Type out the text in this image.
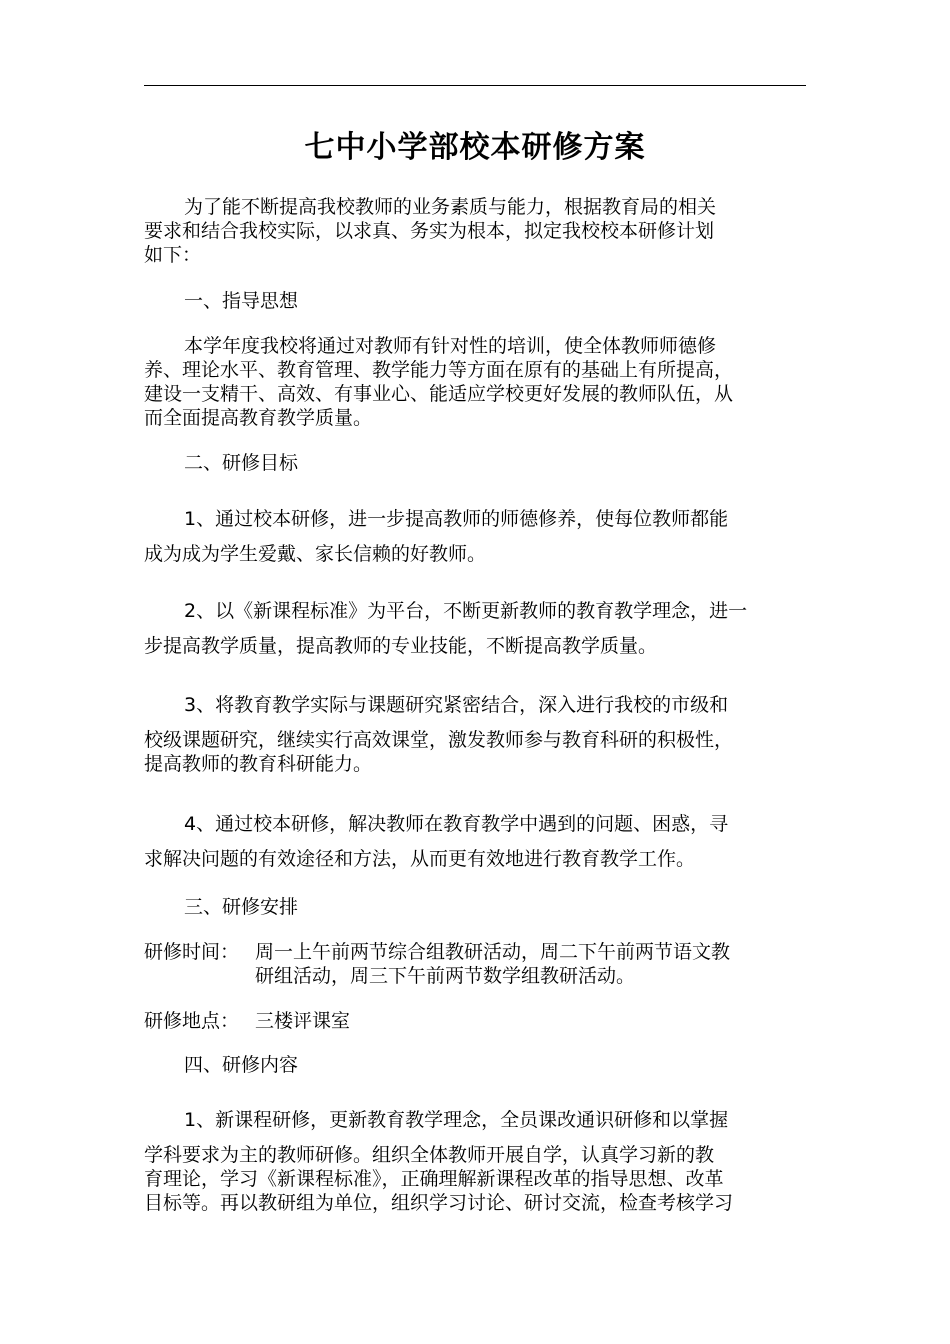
七中小学部校本研修方案
为了能不断提高我校教师的业务素质与能力，根据教育局的相关
要求和结合我校实际，以求真、务实为根本，拟定我校校本研修计划
如下：
一、指导思想
本学年度我校将通过对教师有针对性的培训，使全体教师师德修
养、理论水平、教育管理、教学能力等方面在原有的基础上有所提高，
建设一支精干、高效、有事业心、能适应学校更好发展的教师队伍，从
而全面提高教育教学质量。
二、研修目标
1、通过校本研修，进一步提高教师的师德修养，使每位教师都能
成为成为学生爱戴、家长信赖的好教师。
2、以《新课程标准》为平台，不断更新教师的教育教学理念，进一
步提高教学质量，提高教师的专业技能，不断提高教学质量。
3、将教育教学实际与课题研究紧密结合，深入进行我校的市级和
校级课题研究，继续实行高效课堂，激发教师参与教育科研的积极性，
提高教师的教育科研能力。
4、通过校本研修，解决教师在教育教学中遇到的问题、困惑，寻
求解决问题的有效途径和方法，从而更有效地进行教育教学工作。
三、研修安排
研修时间： 周一上午前两节综合组教研活动，周二下午前两节语文教
研组活动，周三下午前两节数学组教研活动。
研修地点： 三楼评课室
四、研修内容
1、新课程研修，更新教育教学理念，全员课改通识研修和以掌握
学科要求为主的教师研修。组织全体教师开展自学，认真学习新的教
育理论，学习《新课程标准》，正确理解新课程改革的指导思想、改革
目标等。再以教研组为单位，组织学习讨论、研讨交流，检查考核学习
